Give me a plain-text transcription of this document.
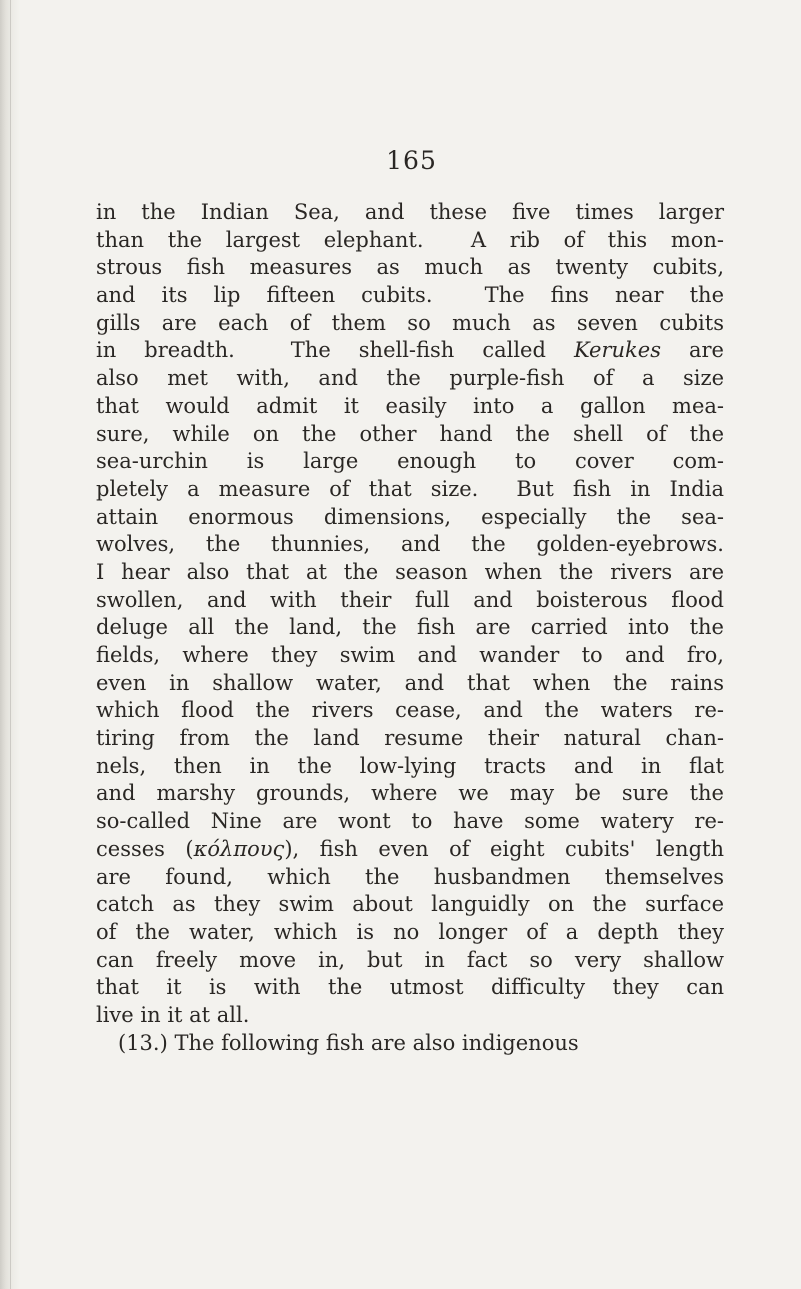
165
in the Indian Sea, and these five times larger
than the largest elephant.  A rib of this mon-
strous fish measures as much as twenty cubits,
and its lip fifteen cubits.  The fins near the
gills are each of them so much as seven cubits
in breadth.  The shell-fish called Kerukes are
also met with, and the purple-fish of a size
that would admit it easily into a gallon mea-
sure, while on the other hand the shell of the
sea-urchin is large enough to cover com-
pletely a measure of that size.  But fish in India
attain enormous dimensions, especially the sea-
wolves, the thunnies, and the golden-eyebrows.
I hear also that at the season when the rivers are
swollen, and with their full and boisterous flood
deluge all the land, the fish are carried into the
fields, where they swim and wander to and fro,
even in shallow water, and that when the rains
which flood the rivers cease, and the waters re-
tiring from the land resume their natural chan-
nels, then in the low-lying tracts and in flat
and marshy grounds, where we may be sure the
so-called Nine are wont to have some watery re-
cesses (κόλπους), fish even of eight cubits' length
are found, which the husbandmen themselves
catch as they swim about languidly on the surface
of the water, which is no longer of a depth they
can freely move in, but in fact so very shallow
that it is with the utmost difficulty they can
live in it at all.
(13.) The following fish are also indigenous
